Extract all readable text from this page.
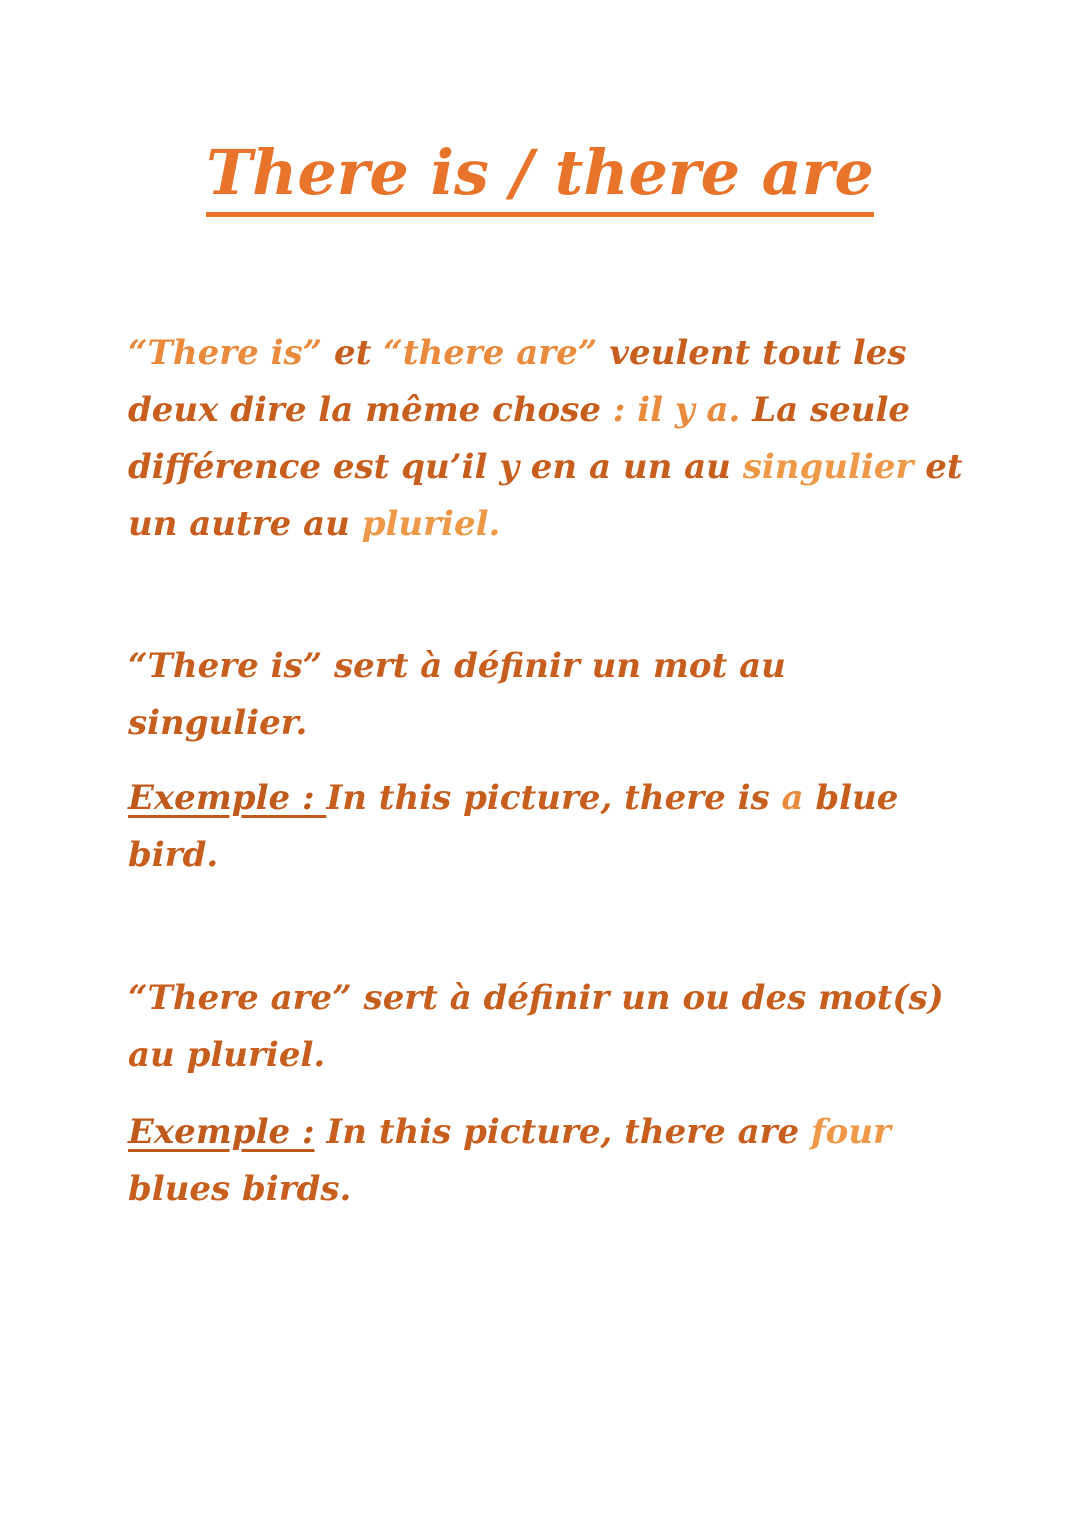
There is / there are
“There is” et “there are” veulent tout les
deux dire la même chose : il y a. La seule
différence est qu’il y en a un au singulier et
un autre au pluriel.
“There is” sert à définir un mot au
singulier.
Exemple : In this picture, there is a blue
bird.
“There are” sert à définir un ou des mot(s)
au pluriel.
Exemple : In this picture, there are four
blues birds.
